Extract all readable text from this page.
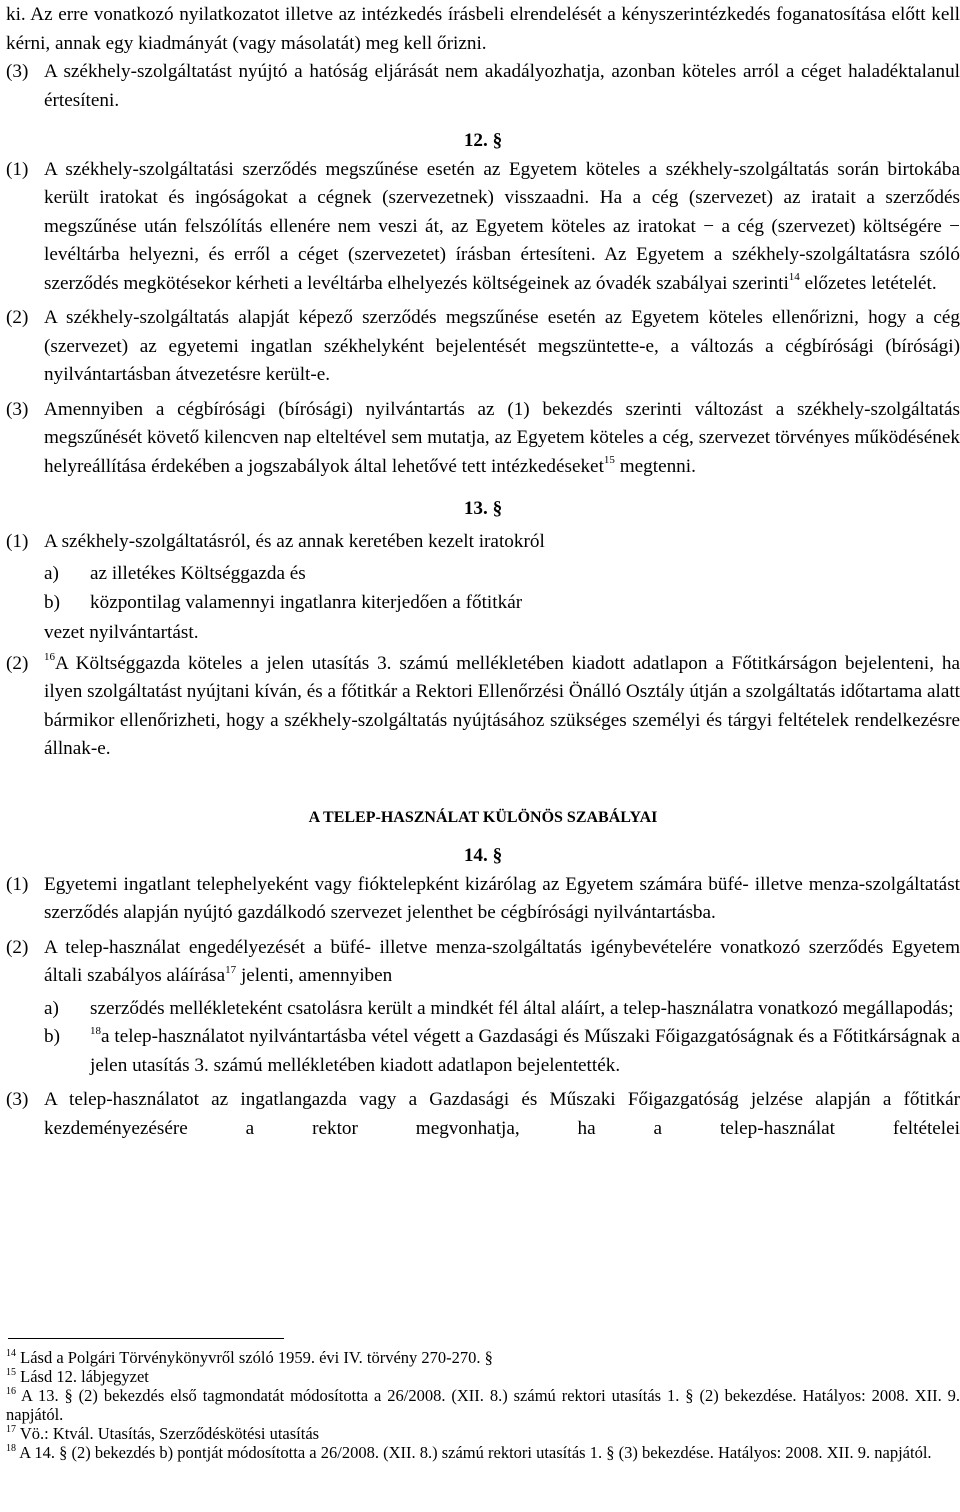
ki. Az erre vonatkozó nyilatkozatot illetve az intézkedés írásbeli elrendelését a kényszerintézkedés foganatosítása előtt kell kérni, annak egy kiadmányát (vagy másolatát) meg kell őrizni.

(3) A székhely-szolgáltatást nyújtó a hatóság eljárását nem akadályozhatja, azonban köteles arról a céget haladéktalanul értesíteni.

12. §
(1) A székhely-szolgáltatási szerződés megszűnése esetén az Egyetem köteles a székhely-szolgáltatás során birtokába került iratokat és ingóságokat a cégnek (szervezetnek) visszaadni. Ha a cég (szervezet) az iratait a szerződés megszűnése után felszólítás ellenére nem veszi át, az Egyetem köteles az iratokat − a cég (szervezet) költségére − levéltárba helyezni, és erről a céget (szervezetet) írásban értesíteni. Az Egyetem a székhely-szolgáltatásra szóló szerződés megkötésekor kérheti a levéltárba elhelyezés költségeinek az óvadék szabályai szerinti$^{14}$ előzetes letételét.

(2) A székhely-szolgáltatás alapját képező szerződés megszűnése esetén az Egyetem köteles ellenőrizni, hogy a cég (szervezet) az egyetemi ingatlan székhelyként bejelentését megszüntette-e, a változás a cégbírósági (bírósági) nyilvántartásban átvezetésre került-e.

(3) Amennyiben a cégbírósági (bírósági) nyilvántartás az (1) bekezdés szerinti változást a székhely-szolgáltatás megszűnését követő kilencven nap elteltével sem mutatja, az Egyetem köteles a cég, szervezet törvényes működésének helyreállítása érdekében a jogszabályok által lehetővé tett intézkedéseket$^{15}$ megtenni.

13. §
(1) A székhely-szolgáltatásról, és az annak keretében kezelt iratokról

a)	az illetékes Költséggazda és
b)	központilag valamennyi ingatlanra kiterjedően a főtitkár

vezet nyilvántartást.

(2)	$^{16}$A Költséggazda köteles a jelen utasítás 3. számú mellékletében kiadott adatlapon a Főtitkárságon bejelenteni, ha ilyen szolgáltatást nyújtani kíván, és a főtitkár a Rektori Ellenőrzési Önálló Osztály útján a szolgáltatás időtartama alatt bármikor ellenőrizheti, hogy a székhely-szolgáltatás nyújtásához szükséges személyi és tárgyi feltételek rendelkezésre állnak-e.

A TELEP-HASZNÁLAT KÜLÖNÖS SZABÁLYAI
14. §
(1) Egyetemi ingatlant telephelyeként vagy fióktelepként kizárólag az Egyetem számára büfé- illetve menza-szolgáltatást szerződés alapján nyújtó gazdálkodó szervezet jelenthet be cégbírósági nyilvántartásba.

(2) A telep-használat engedélyezését a büfé- illetve menza-szolgáltatás igénybevételére vonatkozó szerződés Egyetem általi szabályos aláírása$^{17}$ jelenti, amennyiben

a)	szerződés mellékleteként csatolásra került a mindkét fél által aláírt, a telep-használatra vonatkozó megállapodás;
b)	$^{18}$a telep-használatot nyilvántartásba vétel végett a Gazdasági és Műszaki Főigazgatóságnak és a Főtitkárságnak a jelen utasítás 3. számú mellékletében kiadott adatlapon bejelentették.
(3) A telep-használatot az ingatlangazda vagy a Gazdasági és Műszaki Főigazgatóság jelzése alapján a főtitkár kezdeményezésére a rektor megvonhatja, ha a telep-használat feltételei

$^{14}$ Lásd a Polgári Törvénykönyvről szóló 1959. évi IV. törvény 270-270. §

$^{15}$ Lásd 12. lábjegyzet

$^{16}$ A 13. § (2) bekezdés első tagmondatát módosította a 26/2008. (XII. 8.) számú rektori utasítás 1. § (2) bekezdése. Hatályos: 2008. XII. 9. napjától.

$^{17}$ Vö.: Ktvál. Utasítás, Szerződéskötési utasítás

$^{18}$ A 14. § (2) bekezdés b) pontját módosította a 26/2008. (XII. 8.) számú rektori utasítás 1. § (3) bekezdése. Hatályos: 2008. XII. 9. napjától.
